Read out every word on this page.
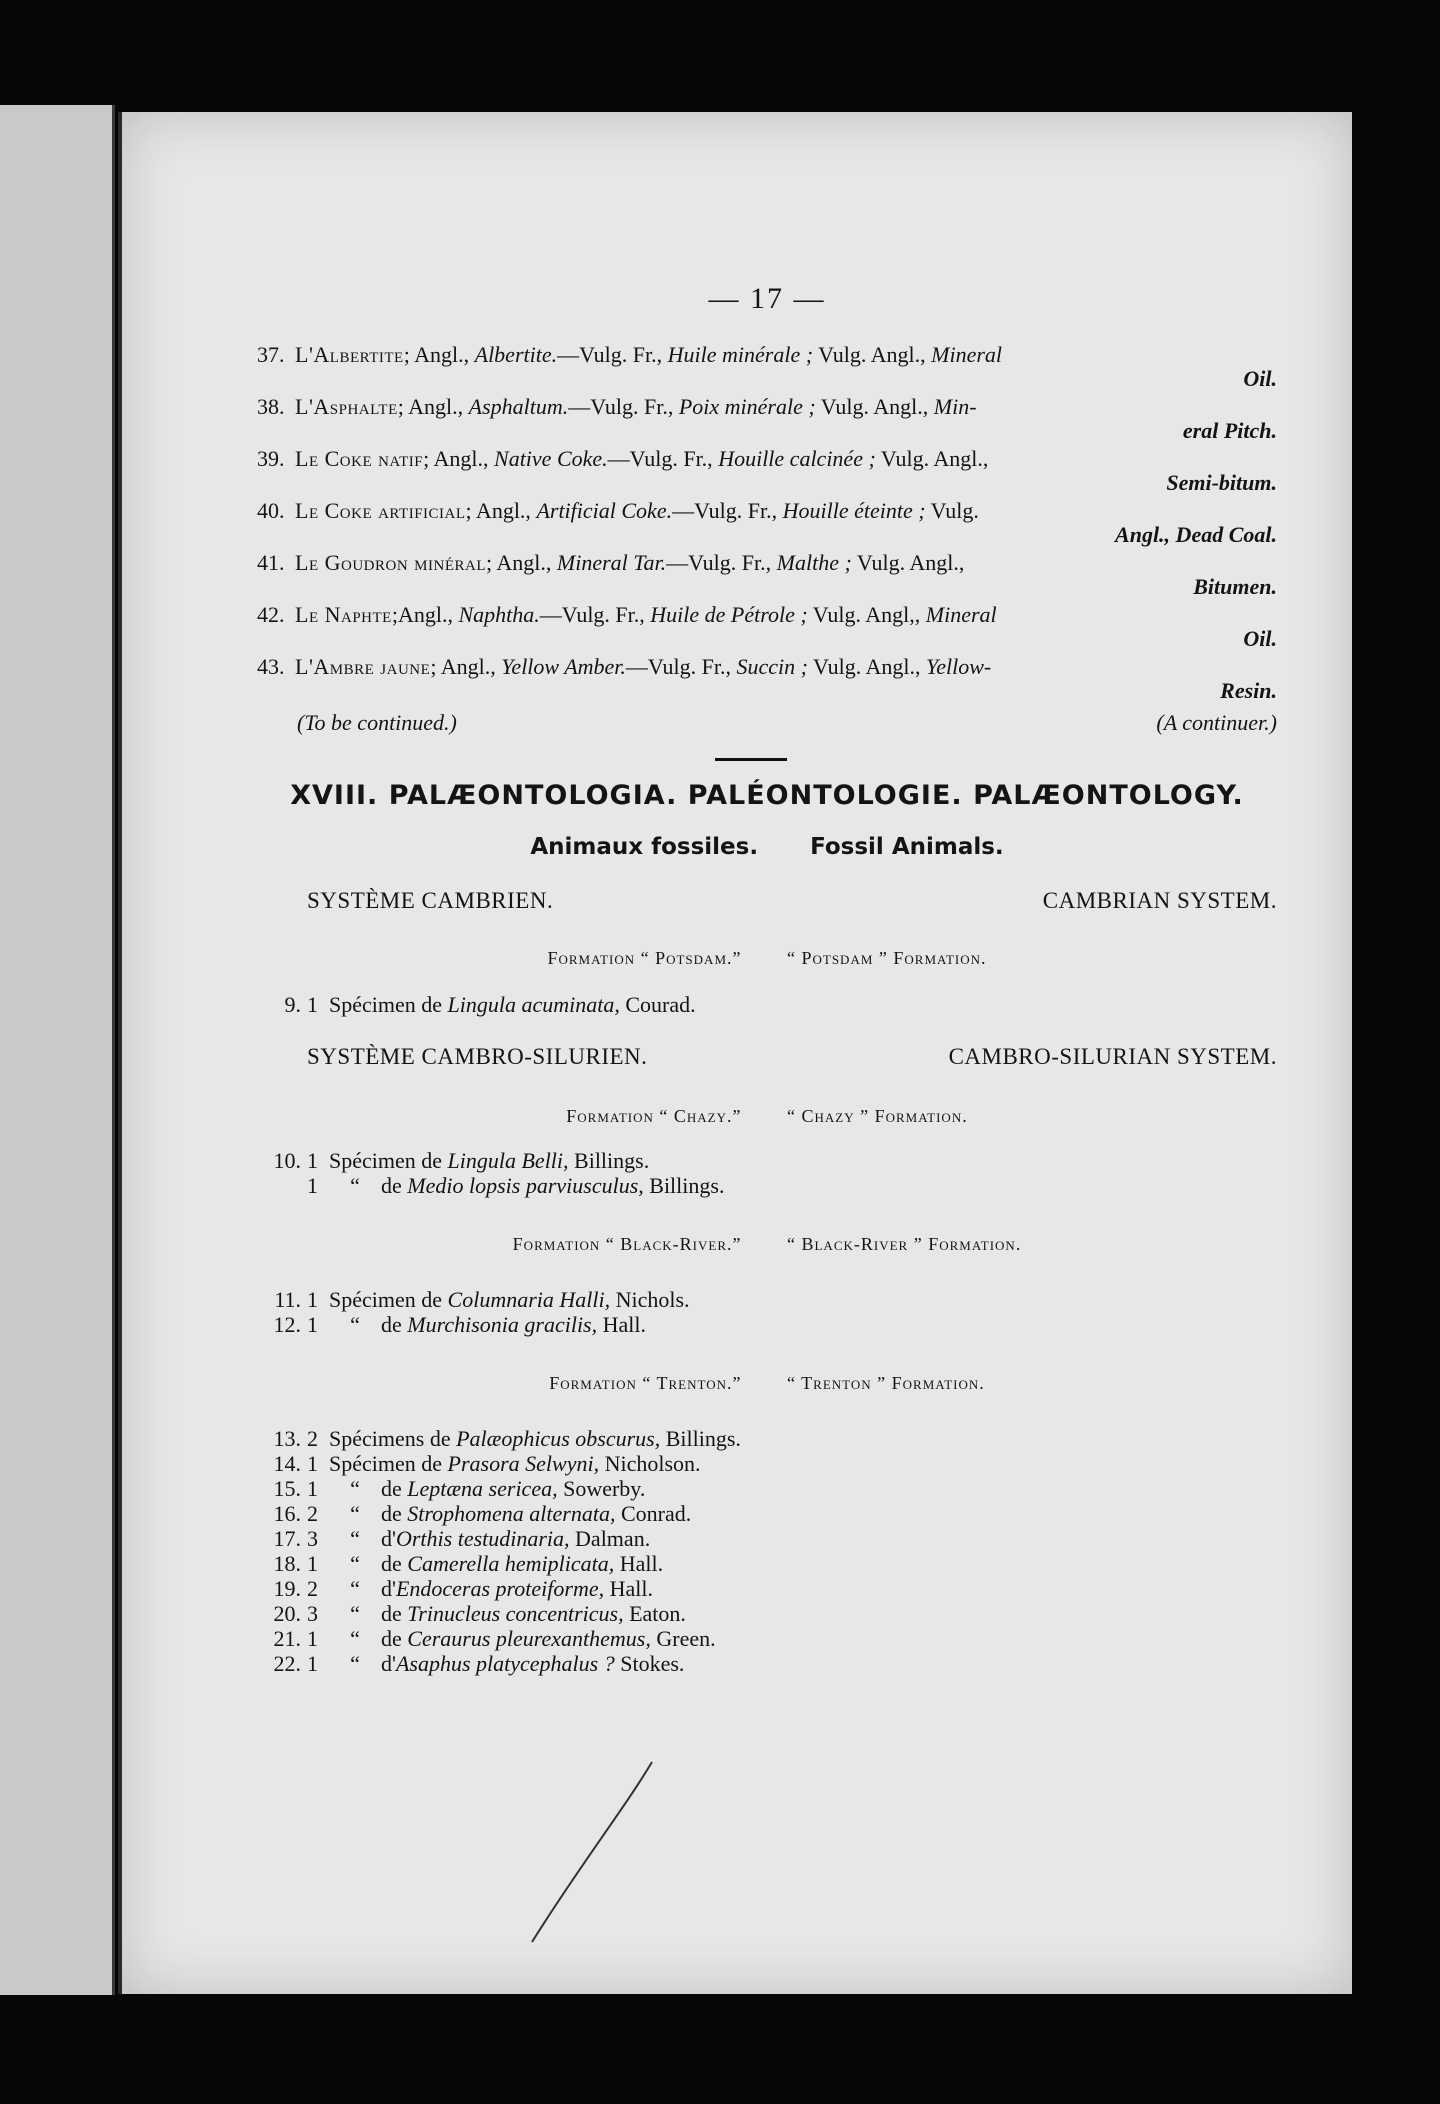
— 17 —
37. L'Albertite; Angl., Albertite.—Vulg. Fr., Huile minérale ; Vulg. Angl., Mineral
Oil.
38. L'Asphalte; Angl., Asphaltum.—Vulg. Fr., Poix minérale ; Vulg. Angl., Min-
eral Pitch.
39. Le Coke natif; Angl., Native Coke.—Vulg. Fr., Houille calcinée ; Vulg. Angl.,
Semi-bitum.
40. Le Coke artificial; Angl., Artificial Coke.—Vulg. Fr., Houille éteinte ; Vulg.
Angl., Dead Coal.
41. Le Goudron minéral; Angl., Mineral Tar.—Vulg. Fr., Malthe ; Vulg. Angl.,
Bitumen.
42. Le Naphte;Angl., Naphtha.—Vulg. Fr., Huile de Pétrole ; Vulg. Angl,, Mineral
Oil.
43. L'Ambre jaune; Angl., Yellow Amber.—Vulg. Fr., Succin ; Vulg. Angl., Yellow-
Resin.
(To be continued.)	(A continuer.)
XVIII. PALÆONTOLOGIA. PALÉONTOLOGIE. PALÆONTOLOGY.
Animaux fossiles. Fossil Animals.
SYSTÈME CAMBRIEN.	CAMBRIAN SYSTEM.
Formation “ Potsdam.”	“ Potsdam ” Formation.
9. 1 Spécimen de Lingula acuminata, Courad.
SYSTÈME CAMBRO-SILURIEN.	CAMBRO-SILURIAN SYSTEM.
Formation “ Chazy.”	“ Chazy ” Formation.
10. 1 Spécimen de Lingula Belli, Billings.
1 “ de Medio lopsis parviusculus, Billings.
Formation “ Black-River.”	“ Black-River ” Formation.
11. 1 Spécimen de Columnaria Halli, Nichols.
12. 1 “ de Murchisonia gracilis, Hall.
Formation “ Trenton.”	“ Trenton ” Formation.
13. 2 Spécimens de Palæophicus obscurus, Billings.
14. 1 Spécimen de Prasora Selwyni, Nicholson.
15. 1 “ de Leptæna sericea, Sowerby.
16. 2 “ de Strophomena alternata, Conrad.
17. 3 “ d'Orthis testudinaria, Dalman.
18. 1 “ de Camerella hemiplicata, Hall.
19. 2 “ d'Endoceras proteiforme, Hall.
20. 3 “ de Trinucleus concentricus, Eaton.
21. 1 “ de Ceraurus pleurexanthemus, Green.
22. 1 “ d'Asaphus platycephalus ? Stokes.
